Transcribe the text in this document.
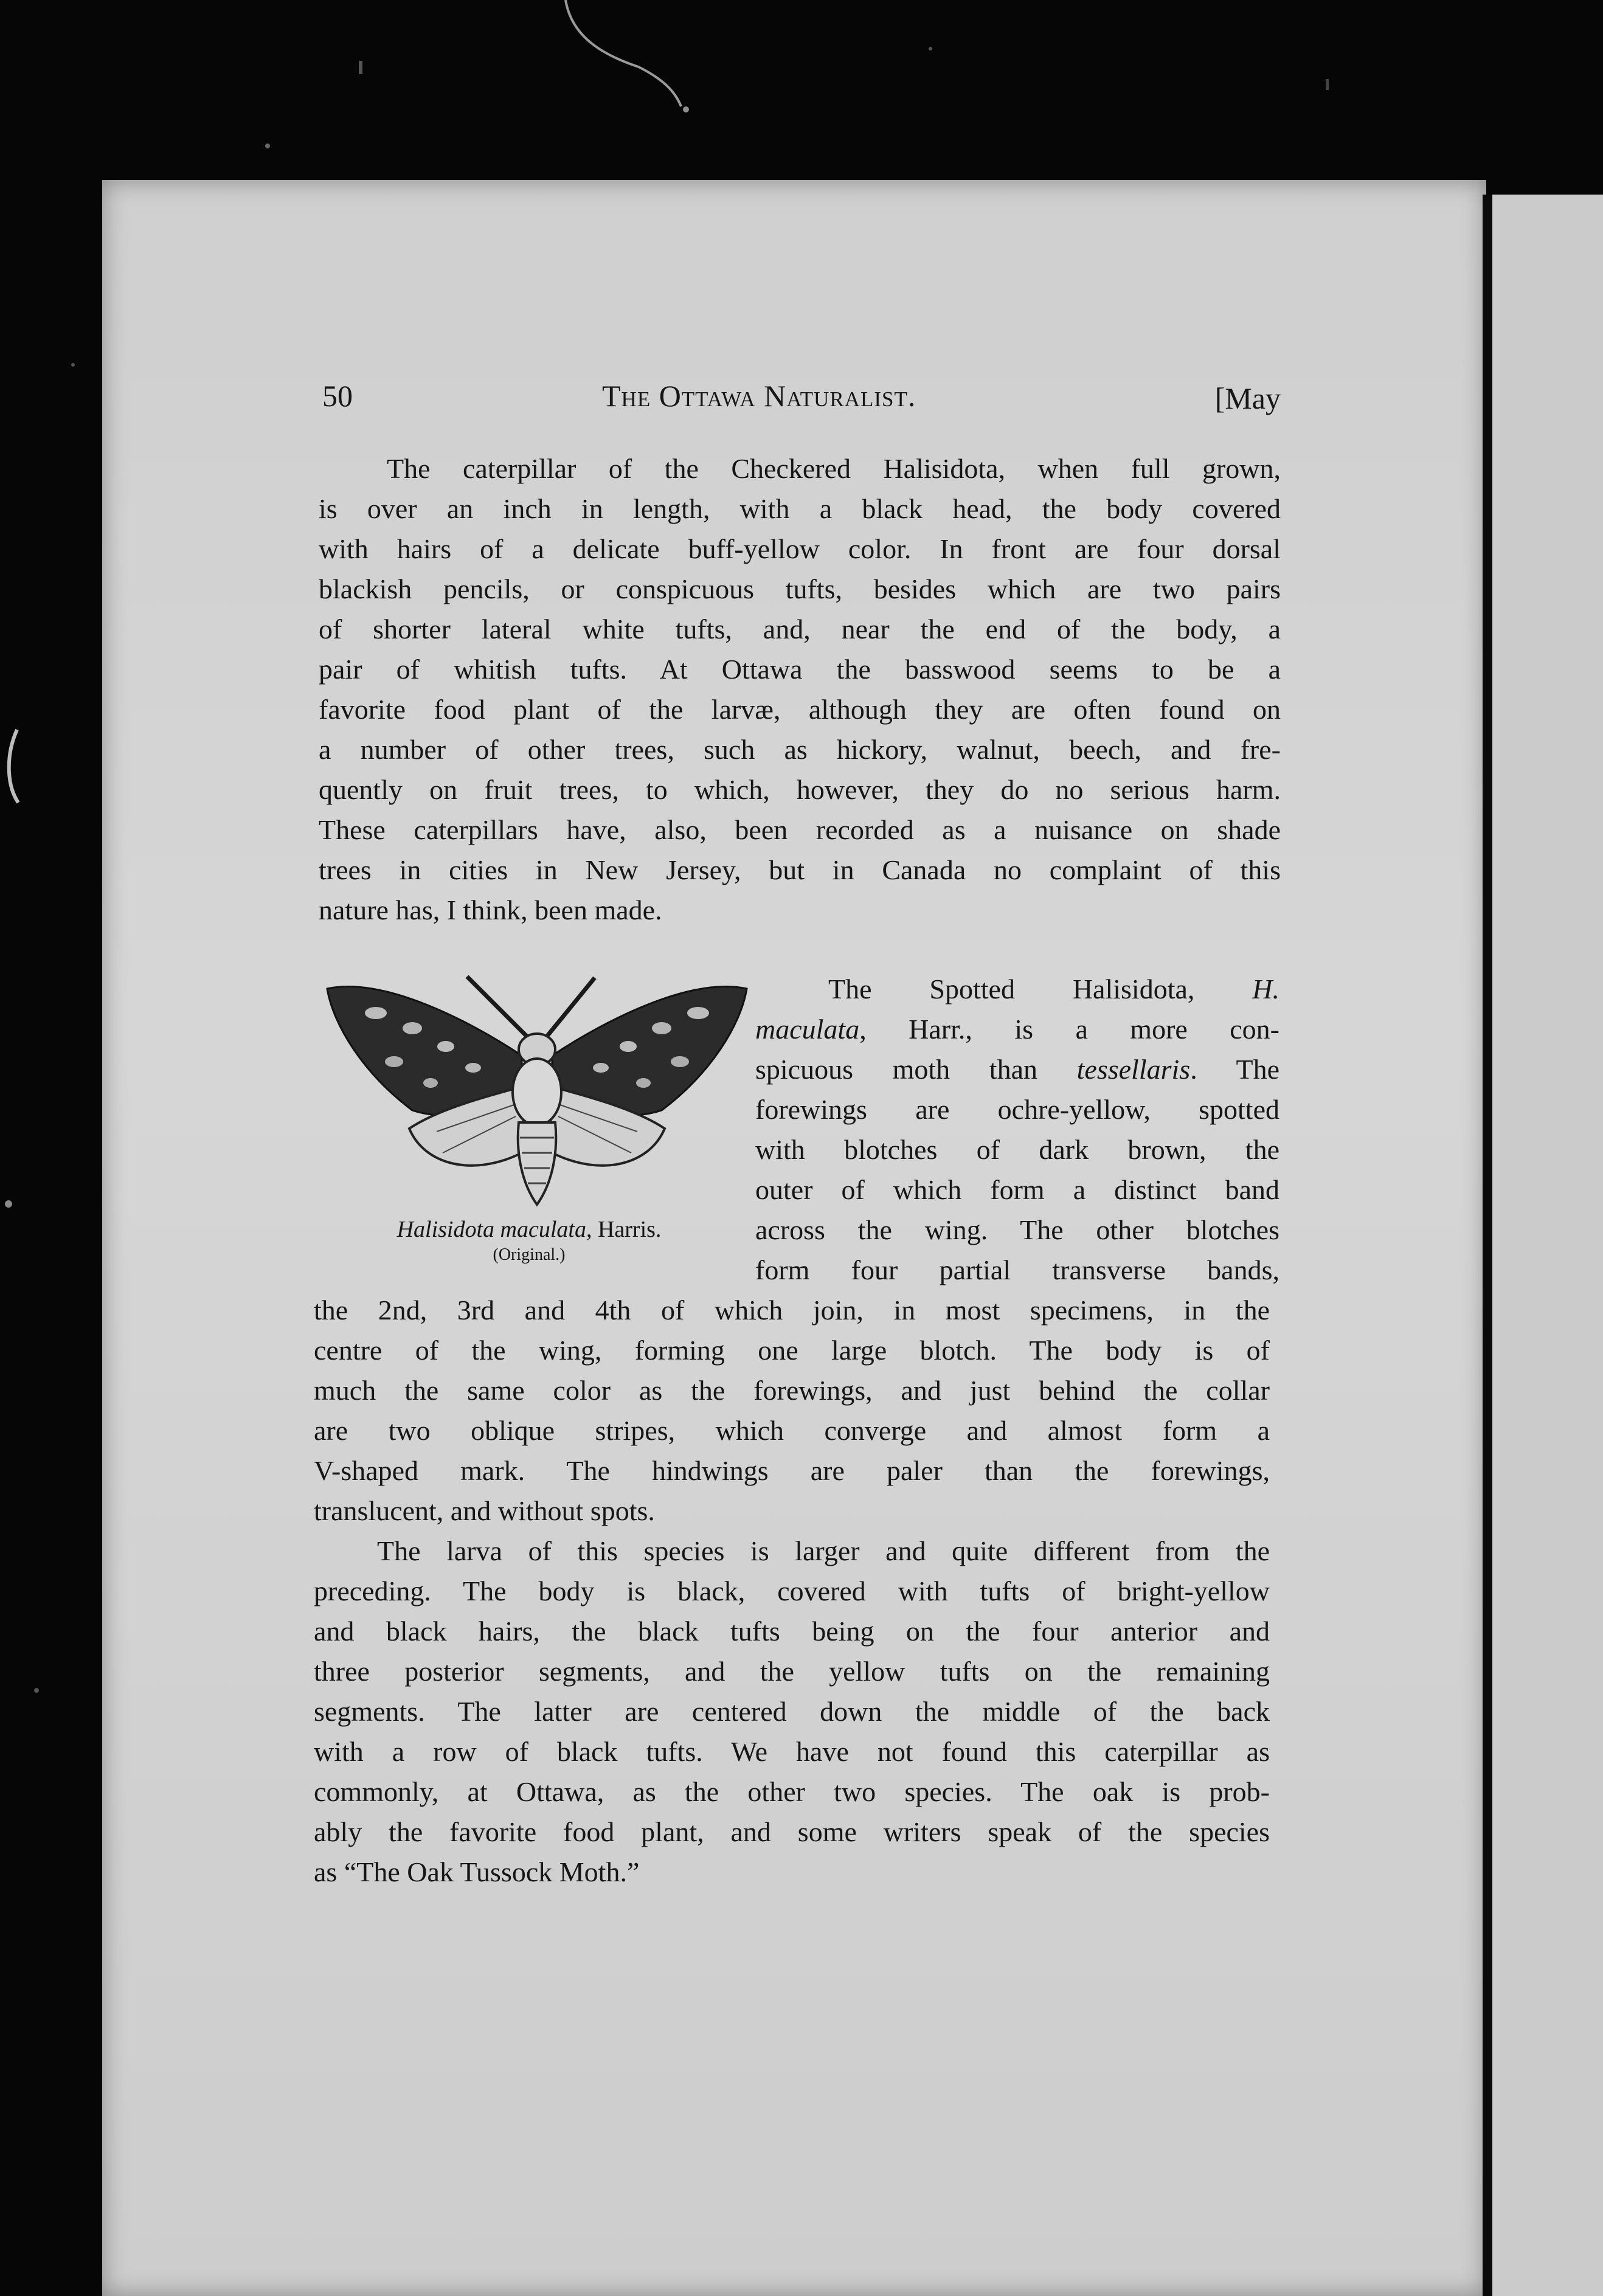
50	The Ottawa Naturalist.	[May
The caterpillar of the Checkered Halisidota, when full grown,
is over an inch in length, with a black head, the body covered
with hairs of a delicate buff-yellow color. In front are four dorsal
blackish pencils, or conspicuous tufts, besides which are two pairs
of shorter lateral white tufts, and, near the end of the body, a
pair of whitish tufts. At Ottawa the basswood seems to be a
favorite food plant of the larvæ, although they are often found on
a number of other trees, such as hickory, walnut, beech, and fre-
quently on fruit trees, to which, however, they do no serious harm.
These caterpillars have, also, been recorded as a nuisance on shade
trees in cities in New Jersey, but in Canada no complaint of this
nature has, I think, been made.
Halisidota maculata, Harris.
(Original.)
The Spotted Halisidota, H.
maculata, Harr., is a more con-
spicuous moth than tessellaris. The
forewings are ochre-yellow, spotted
with blotches of dark brown, the
outer of which form a distinct band
across the wing. The other blotches
form four partial transverse bands,
the 2nd, 3rd and 4th of which join, in most specimens, in the
centre of the wing, forming one large blotch. The body is of
much the same color as the forewings, and just behind the collar
are two oblique stripes, which converge and almost form a
V-shaped mark. The hindwings are paler than the forewings,
translucent, and without spots.
The larva of this species is larger and quite different from the
preceding. The body is black, covered with tufts of bright-yellow
and black hairs, the black tufts being on the four anterior and
three posterior segments, and the yellow tufts on the remaining
segments. The latter are centered down the middle of the back
with a row of black tufts. We have not found this caterpillar as
commonly, at Ottawa, as the other two species. The oak is prob-
ably the favorite food plant, and some writers speak of the species
as “The Oak Tussock Moth.”
